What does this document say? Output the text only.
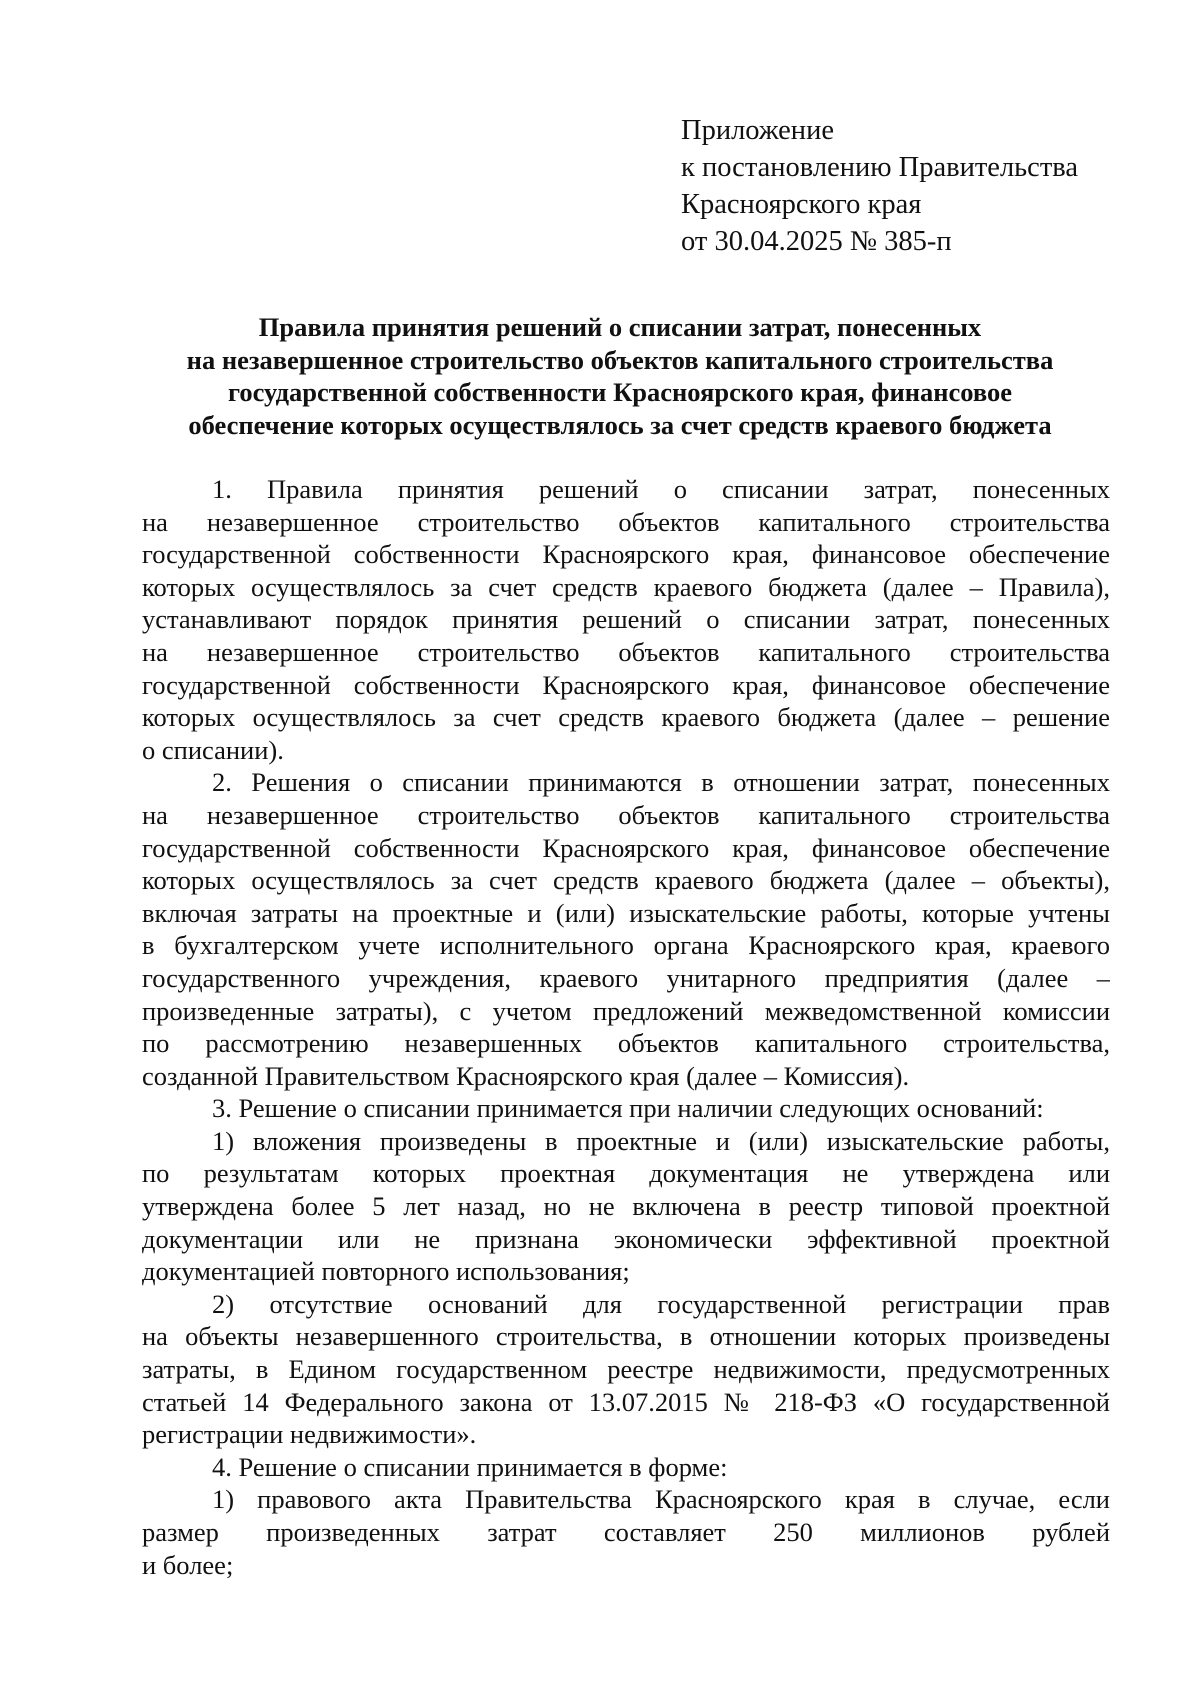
Приложение
к постановлению Правительства
Красноярского края
от 30.04.2025 № 385-п
Правила принятия решений о списании затрат, понесенных
на незавершенное строительство объектов капитального строительства
государственной собственности Красноярского края, финансовое
обеспечение которых осуществлялось за счет средств краевого бюджета
1. Правила принятия решений о списании затрат, понесенных
на незавершенное строительство объектов капитального строительства
государственной собственности Красноярского края, финансовое обеспечение
которых осуществлялось за счет средств краевого бюджета (далее – Правила),
устанавливают порядок принятия решений о списании затрат, понесенных
на незавершенное строительство объектов капитального строительства
государственной собственности Красноярского края, финансовое обеспечение
которых осуществлялось за счет средств краевого бюджета (далее – решение
о списании).
2. Решения о списании принимаются в отношении затрат, понесенных
на незавершенное строительство объектов капитального строительства
государственной собственности Красноярского края, финансовое обеспечение
которых осуществлялось за счет средств краевого бюджета (далее – объекты),
включая затраты на проектные и (или) изыскательские работы, которые учтены
в бухгалтерском учете исполнительного органа Красноярского края, краевого
государственного учреждения, краевого унитарного предприятия (далее –
произведенные затраты), с учетом предложений межведомственной комиссии
по рассмотрению незавершенных объектов капитального строительства,
созданной Правительством Красноярского края (далее – Комиссия).
3. Решение о списании принимается при наличии следующих оснований:
1) вложения произведены в проектные и (или) изыскательские работы,
по результатам которых проектная документация не утверждена или
утверждена более 5 лет назад, но не включена в реестр типовой проектной
документации или не признана экономически эффективной проектной
документацией повторного использования;
2) отсутствие оснований для государственной регистрации прав
на объекты незавершенного строительства, в отношении которых произведены
затраты, в Едином государственном реестре недвижимости, предусмотренных
статьей 14 Федерального закона от 13.07.2015 № 218-ФЗ «О государственной
регистрации недвижимости».
4. Решение о списании принимается в форме:
1) правового акта Правительства Красноярского края в случае, если
размер произведенных затрат составляет 250 миллионов рублей
и более;
